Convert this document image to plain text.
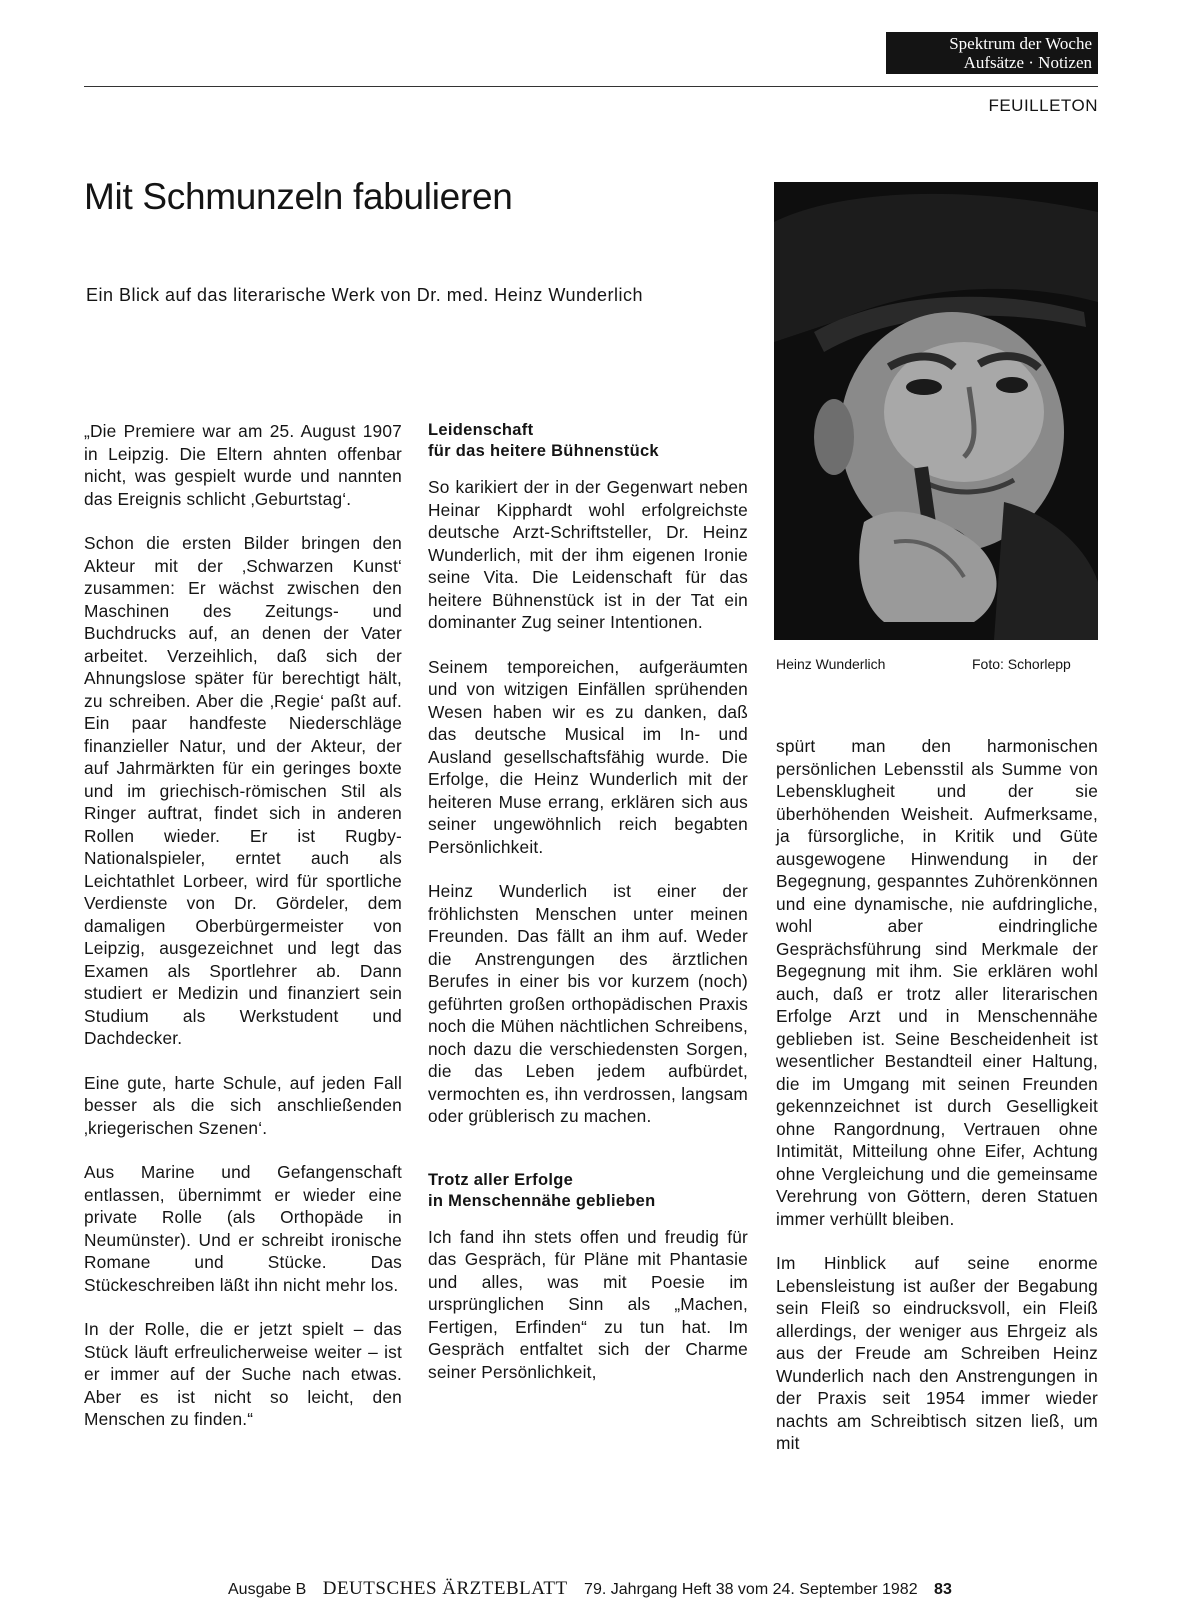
Spektrum der Woche
Aufsätze · Notizen
FEUILLETON
Mit Schmunzeln fabulieren
Ein Blick auf das literarische Werk von Dr. med. Heinz Wunderlich
Heinz Wunderlich	Foto: Schorlepp

„Die Premiere war am 25. August 1907 in Leipzig. Die Eltern ahnten offenbar nicht, was gespielt wurde und nannten das Ereignis schlicht ‚Geburtstag‘.

Schon die ersten Bilder bringen den Akteur mit der ‚Schwarzen Kunst‘ zusammen: Er wächst zwischen den Maschinen des Zeitungs- und Buchdrucks auf, an denen der Vater arbeitet. Verzeihlich, daß sich der Ahnungslose später für berechtigt hält, zu schreiben. Aber die ‚Regie‘ paßt auf. Ein paar handfeste Niederschläge finanzieller Natur, und der Akteur, der auf Jahrmärkten für ein geringes boxte und im griechisch-römischen Stil als Ringer auftrat, findet sich in anderen Rollen wieder. Er ist Rugby-Nationalspieler, erntet auch als Leichtathlet Lorbeer, wird für sportliche Verdienste von Dr. Gördeler, dem damaligen Oberbürgermeister von Leipzig, ausgezeichnet und legt das Examen als Sportlehrer ab. Dann studiert er Medizin und finanziert sein Studium als Werkstudent und Dachdecker.

Eine gute, harte Schule, auf jeden Fall besser als die sich anschließenden ‚kriegerischen Szenen‘.

Aus Marine und Gefangenschaft entlassen, übernimmt er wieder eine private Rolle (als Orthopäde in Neumünster). Und er schreibt ironische Romane und Stücke. Das Stückeschreiben läßt ihn nicht mehr los.

In der Rolle, die er jetzt spielt – das Stück läuft erfreulicherweise weiter – ist er immer auf der Suche nach etwas. Aber es ist nicht so leicht, den Menschen zu finden.“

Leidenschaft
für das heitere Bühnenstück

So karikiert der in der Gegenwart neben Heinar Kipphardt wohl erfolgreichste deutsche Arzt-Schriftsteller, Dr. Heinz Wunderlich, mit der ihm eigenen Ironie seine Vita. Die Leidenschaft für das heitere Bühnenstück ist in der Tat ein dominanter Zug seiner Intentionen.

Seinem temporeichen, aufgeräumten und von witzigen Einfällen sprühenden Wesen haben wir es zu danken, daß das deutsche Musical im In- und Ausland gesellschaftsfähig wurde. Die Erfolge, die Heinz Wunderlich mit der heiteren Muse errang, erklären sich aus seiner ungewöhnlich reich begabten Persönlichkeit.

Heinz Wunderlich ist einer der fröhlichsten Menschen unter meinen Freunden. Das fällt an ihm auf. Weder die Anstrengungen des ärztlichen Berufes in einer bis vor kurzem (noch) geführten großen orthopädischen Praxis noch die Mühen nächtlichen Schreibens, noch dazu die verschiedensten Sorgen, die das Leben jedem aufbürdet, vermochten es, ihn verdrossen, langsam oder grüblerisch zu machen.

Trotz aller Erfolge
in Menschennähe geblieben

Ich fand ihn stets offen und freudig für das Gespräch, für Pläne mit Phantasie und alles, was mit Poesie im ursprünglichen Sinn als „Machen, Fertigen, Erfinden“ zu tun hat. Im Gespräch entfaltet sich der Charme seiner Persönlichkeit,

spürt man den harmonischen persönlichen Lebensstil als Summe von Lebensklugheit und der sie überhöhenden Weisheit. Aufmerksame, ja fürsorgliche, in Kritik und Güte ausgewogene Hinwendung in der Begegnung, gespanntes Zuhörenkönnen und eine dynamische, nie aufdringliche, wohl aber eindringliche Gesprächsführung sind Merkmale der Begegnung mit ihm. Sie erklären wohl auch, daß er trotz aller literarischen Erfolge Arzt und in Menschennähe geblieben ist. Seine Bescheidenheit ist wesentlicher Bestandteil einer Haltung, die im Umgang mit seinen Freunden gekennzeichnet ist durch Geselligkeit ohne Rangordnung, Vertrauen ohne Intimität, Mitteilung ohne Eifer, Achtung ohne Vergleichung und die gemeinsame Verehrung von Göttern, deren Statuen immer verhüllt bleiben.

Im Hinblick auf seine enorme Lebensleistung ist außer der Begabung sein Fleiß so eindrucksvoll, ein Fleiß allerdings, der weniger aus Ehrgeiz als aus der Freude am Schreiben Heinz Wunderlich nach den Anstrengungen in der Praxis seit 1954 immer wieder nachts am Schreibtisch sitzen ließ, um mit

Ausgabe B DEUTSCHES ÄRZTEBLATT 79. Jahrgang Heft 38 vom 24. September 1982 83
